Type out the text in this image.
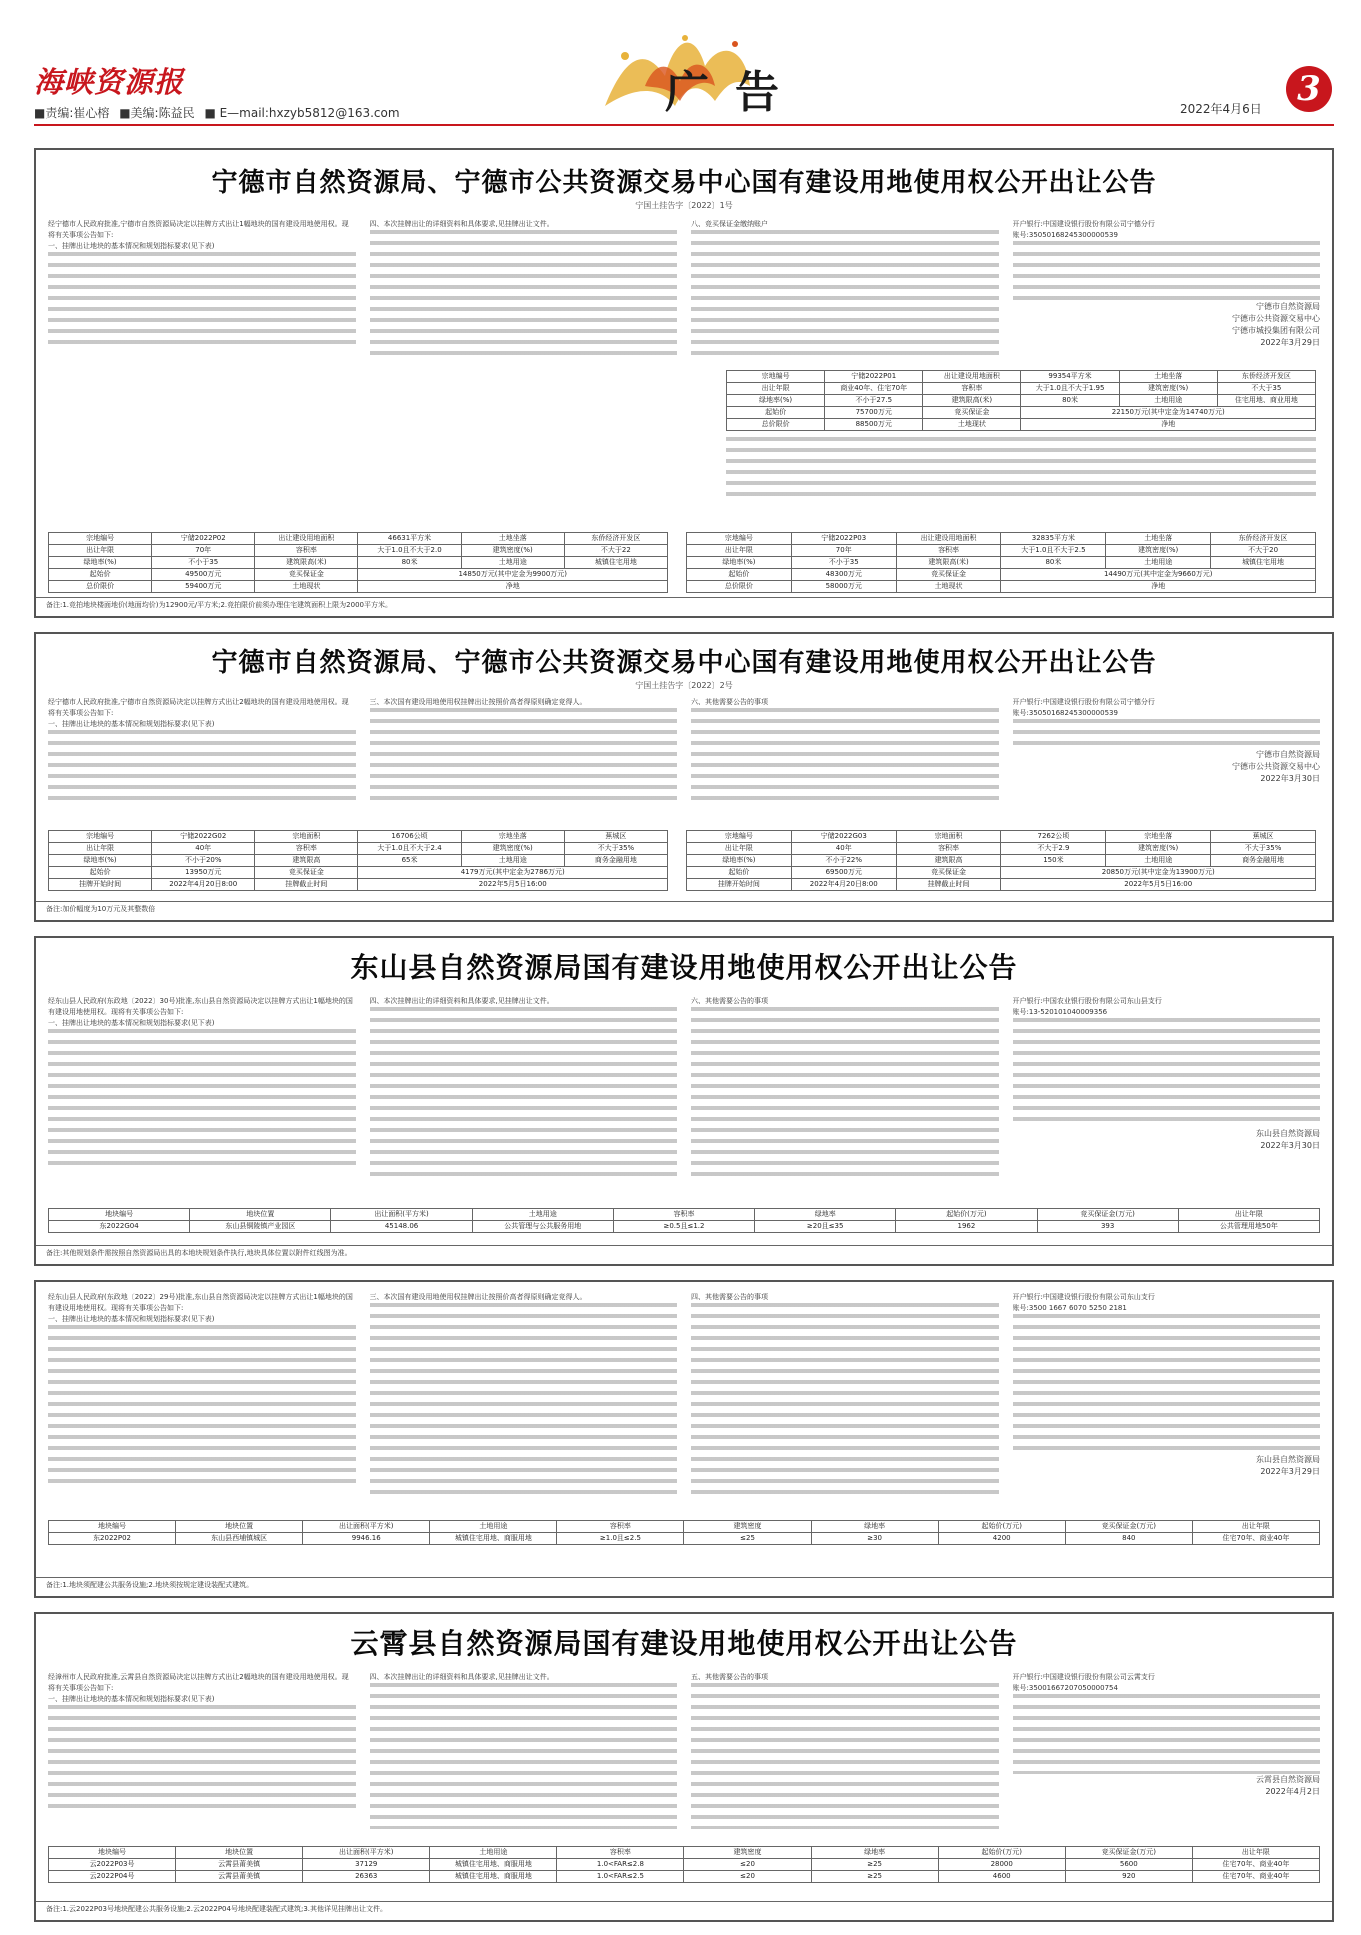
海峡资源报
■责编:崔心榕 ■美编:陈益民 ■ E—mail:hxzyb5812@163.com	广告	3
2022年4月6日
宁德市自然资源局、宁德市公共资源交易中心国有建设用地使用权公开出让公告
宁国土挂告字〔2022〕1号

经宁德市人民政府批准,宁德市自然资源局决定以挂牌方式出让1幅地块的国有建设用地使用权。现将有关事项公告如下:

一、挂牌出让地块的基本情况和规划指标要求(见下表)

四、本次挂牌出让的详细资料和具体要求,见挂牌出让文件。	八、竞买保证金缴纳账户	开户银行:中国建设银行股份有限公司宁德分行

账号:35050168245300000539

宁德市自然资源局
宁德市公共资源交易中心
宁德市城投集团有限公司
2022年3月29日
宗地编号	宁储2022P01	出让建设用地面积	99354平方米	土地坐落	东侨经济开发区
出让年限	商业40年、住宅70年	容积率	大于1.0且不大于1.95	建筑密度(%)	不大于35
绿地率(%)	不小于27.5	建筑限高(米)	80米	土地用途	住宅用地、商业用地
起始价	75700万元	竞买保证金	22150万元(其中定金为14740万元)		
总价限价	88500万元	土地现状	净地		
宗地编号	宁储2022P02	出让建设用地面积	46631平方米	土地坐落	东侨经济开发区
出让年限	70年	容积率	大于1.0且不大于2.0	建筑密度(%)	不大于22
绿地率(%)	不小于35	建筑限高(米)	80米	土地用途	城镇住宅用地
起始价	49500万元	竞买保证金	14850万元(其中定金为9900万元)		
总价限价	59400万元	土地现状	净地		
宗地编号	宁储2022P03	出让建设用地面积	32835平方米	土地坐落	东侨经济开发区
出让年限	70年	容积率	大于1.0且不大于2.5	建筑密度(%)	不大于20
绿地率(%)	不小于35	建筑限高(米)	80米	土地用途	城镇住宅用地
起始价	48300万元	竞买保证金	14490万元(其中定金为9660万元)		
总价限价	58000万元	土地现状	净地		
备注:1.竞拍地块楼面地价(地面均价)为12900元/平方米;2.竞拍限价前须办理住宅建筑面积上限为2000平方米。
宁德市自然资源局、宁德市公共资源交易中心国有建设用地使用权公开出让公告
宁国土挂告字〔2022〕2号

经宁德市人民政府批准,宁德市自然资源局决定以挂牌方式出让2幅地块的国有建设用地使用权。现将有关事项公告如下:

一、挂牌出让地块的基本情况和规划指标要求(见下表)

三、本次国有建设用地使用权挂牌出让按照价高者得原则确定竞得人。	六、其他需要公告的事项	开户银行:中国建设银行股份有限公司宁德分行

账号:35050168245300000539

宁德市自然资源局
宁德市公共资源交易中心
2022年3月30日
宗地编号	宁储2022G02	宗地面积	16706公顷	宗地坐落	蕉城区
出让年限	40年	容积率	大于1.0且不大于2.4	建筑密度(%)	不大于35%
绿地率(%)	不小于20%	建筑限高	65米	土地用途	商务金融用地
起始价	13950万元	竞买保证金	4179万元(其中定金为2786万元)		
挂牌开始时间	2022年4月20日8:00	挂牌截止时间	2022年5月5日16:00		
宗地编号	宁储2022G03	宗地面积	7262公顷	宗地坐落	蕉城区
出让年限	40年	容积率	不大于2.9	建筑密度(%)	不大于35%
绿地率(%)	不小于22%	建筑限高	150米	土地用途	商务金融用地
起始价	69500万元	竞买保证金	20850万元(其中定金为13900万元)		
挂牌开始时间	2022年4月20日8:00	挂牌截止时间	2022年5月5日16:00		
备注:加价幅度为10万元及其整数倍
东山县自然资源局国有建设用地使用权公开出让公告

经东山县人民政府(东政地〔2022〕30号)批准,东山县自然资源局决定以挂牌方式出让1幅地块的国有建设用地使用权。现将有关事项公告如下:

一、挂牌出让地块的基本情况和规划指标要求(见下表)

四、本次挂牌出让的详细资料和具体要求,见挂牌出让文件。	六、其他需要公告的事项	开户银行:中国农业银行股份有限公司东山县支行

账号:13-520101040009356

东山县自然资源局
2022年3月30日
地块编号	地块位置	出让面积(平方米)	土地用途	容积率	绿地率	起始价(万元)	竞买保证金(万元)	出让年限
东2022G04	东山县铜陵镇产业园区	45148.06	公共管理与公共服务用地	≥0.5且≤1.2	≥20且≤35	1962	393	公共管理用地50年
备注:其他规划条件需按照自然资源局出具的本地块规划条件执行,地块具体位置以附件红线图为准。

经东山县人民政府(东政地〔2022〕29号)批准,东山县自然资源局决定以挂牌方式出让1幅地块的国有建设用地使用权。现将有关事项公告如下:

一、挂牌出让地块的基本情况和规划指标要求(见下表)

三、本次国有建设用地使用权挂牌出让按照价高者得原则确定竞得人。	四、其他需要公告的事项	开户银行:中国建设银行股份有限公司东山支行

账号:3500 1667 6070 5250 2181

东山县自然资源局
2022年3月29日
地块编号	地块位置	出让面积(平方米)	土地用途	容积率	建筑密度	绿地率	起始价(万元)	竞买保证金(万元)	出让年限
东2022P02	东山县西埔镇城区	9946.16	城镇住宅用地、商服用地	≥1.0且≤2.5	≤25	≥30	4200	840	住宅70年、商业40年
备注:1.地块须配建公共服务设施;2.地块须按规定建设装配式建筑。
云霄县自然资源局国有建设用地使用权公开出让公告

经漳州市人民政府批准,云霄县自然资源局决定以挂牌方式出让2幅地块的国有建设用地使用权。现将有关事项公告如下:

一、挂牌出让地块的基本情况和规划指标要求(见下表)

四、本次挂牌出让的详细资料和具体要求,见挂牌出让文件。	五、其他需要公告的事项	开户银行:中国建设银行股份有限公司云霄支行

账号:35001667207050000754

云霄县自然资源局
2022年4月2日
地块编号	地块位置	出让面积(平方米)	土地用途	容积率	建筑密度	绿地率	起始价(万元)	竞买保证金(万元)	出让年限
云2022P03号	云霄县莆美镇	37129	城镇住宅用地、商服用地	1.0<FAR≤2.8	≤20	≥25	28000	5600	住宅70年、商业40年
云2022P04号	云霄县莆美镇	26363	城镇住宅用地、商服用地	1.0<FAR≤2.5	≤20	≥25	4600	920	住宅70年、商业40年
备注:1.云2022P03号地块配建公共服务设施;2.云2022P04号地块配建装配式建筑;3.其他详见挂牌出让文件。
